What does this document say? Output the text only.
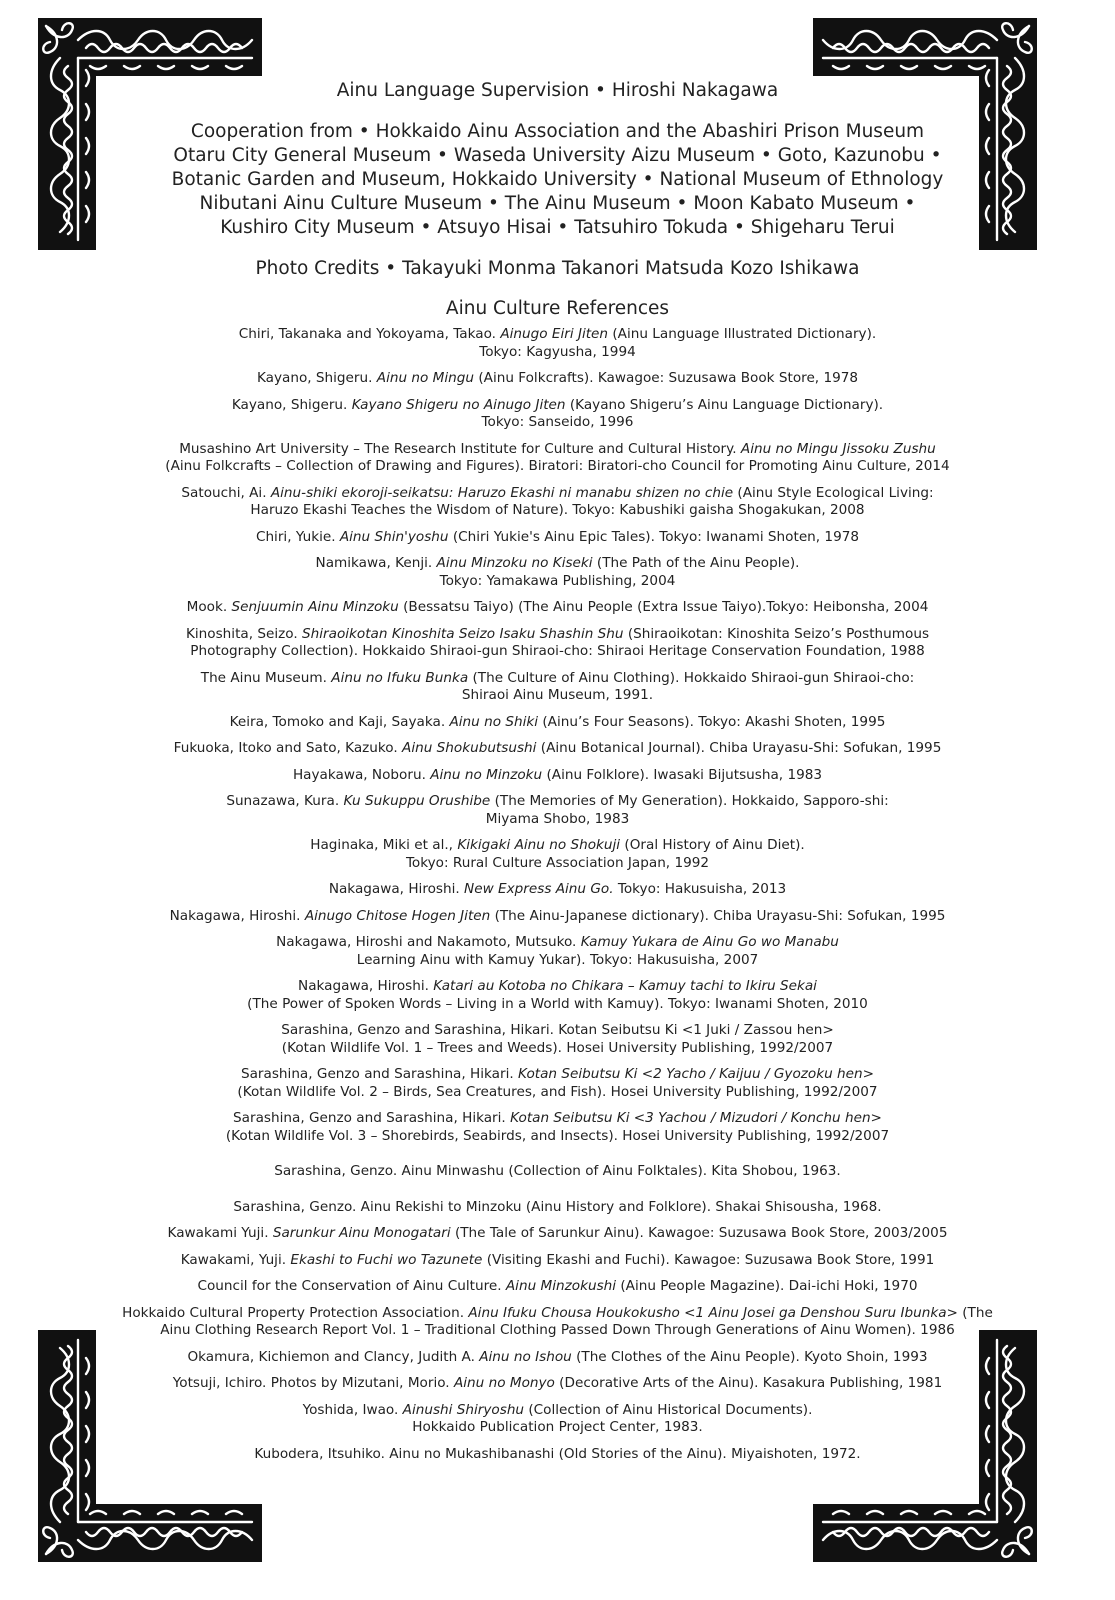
Ainu Language Supervision • Hiroshi Nakagawa
Cooperation from • Hokkaido Ainu Association and the Abashiri Prison Museum
Otaru City General Museum • Waseda University Aizu Museum • Goto, Kazunobu •
Botanic Garden and Museum, Hokkaido University • National Museum of Ethnology
Nibutani Ainu Culture Museum • The Ainu Museum • Moon Kabato Museum •
Kushiro City Museum • Atsuyo Hisai • Tatsuhiro Tokuda • Shigeharu Terui
Photo Credits • Takayuki Monma Takanori Matsuda Kozo Ishikawa
Ainu Culture References
Chiri, Takanaka and Yokoyama, Takao. Ainugo Eiri Jiten (Ainu Language Illustrated Dictionary).
Tokyo: Kagyusha, 1994
Kayano, Shigeru. Ainu no Mingu (Ainu Folkcrafts). Kawagoe: Suzusawa Book Store, 1978
Kayano, Shigeru. Kayano Shigeru no Ainugo Jiten (Kayano Shigeru’s Ainu Language Dictionary).
Tokyo: Sanseido, 1996
Musashino Art University – The Research Institute for Culture and Cultural History. Ainu no Mingu Jissoku Zushu
(Ainu Folkcrafts – Collection of Drawing and Figures). Biratori: Biratori-cho Council for Promoting Ainu Culture, 2014
Satouchi, Ai. Ainu-shiki ekoroji-seikatsu: Haruzo Ekashi ni manabu shizen no chie (Ainu Style Ecological Living:
Haruzo Ekashi Teaches the Wisdom of Nature). Tokyo: Kabushiki gaisha Shogakukan, 2008
Chiri, Yukie. Ainu Shin'yoshu (Chiri Yukie's Ainu Epic Tales). Tokyo: Iwanami Shoten, 1978
Namikawa, Kenji. Ainu Minzoku no Kiseki (The Path of the Ainu People).
Tokyo: Yamakawa Publishing, 2004
Mook. Senjuumin Ainu Minzoku (Bessatsu Taiyo) (The Ainu People (Extra Issue Taiyo).Tokyo: Heibonsha, 2004
Kinoshita, Seizo. Shiraoikotan Kinoshita Seizo Isaku Shashin Shu (Shiraoikotan: Kinoshita Seizo’s Posthumous
Photography Collection). Hokkaido Shiraoi-gun Shiraoi-cho: Shiraoi Heritage Conservation Foundation, 1988
The Ainu Museum. Ainu no Ifuku Bunka (The Culture of Ainu Clothing). Hokkaido Shiraoi-gun Shiraoi-cho:
Shiraoi Ainu Museum, 1991.
Keira, Tomoko and Kaji, Sayaka. Ainu no Shiki (Ainu’s Four Seasons). Tokyo: Akashi Shoten, 1995
Fukuoka, Itoko and Sato, Kazuko. Ainu Shokubutsushi (Ainu Botanical Journal). Chiba Urayasu-Shi: Sofukan, 1995
Hayakawa, Noboru. Ainu no Minzoku (Ainu Folklore). Iwasaki Bijutsusha, 1983
Sunazawa, Kura. Ku Sukuppu Orushibe (The Memories of My Generation). Hokkaido, Sapporo-shi:
Miyama Shobo, 1983
Haginaka, Miki et al., Kikigaki Ainu no Shokuji (Oral History of Ainu Diet).
Tokyo: Rural Culture Association Japan, 1992
Nakagawa, Hiroshi. New Express Ainu Go. Tokyo: Hakusuisha, 2013
Nakagawa, Hiroshi. Ainugo Chitose Hogen Jiten (The Ainu-Japanese dictionary). Chiba Urayasu-Shi: Sofukan, 1995
Nakagawa, Hiroshi and Nakamoto, Mutsuko. Kamuy Yukara de Ainu Go wo Manabu
Learning Ainu with Kamuy Yukar). Tokyo: Hakusuisha, 2007
Nakagawa, Hiroshi. Katari au Kotoba no Chikara – Kamuy tachi to Ikiru Sekai
(The Power of Spoken Words – Living in a World with Kamuy). Tokyo: Iwanami Shoten, 2010
Sarashina, Genzo and Sarashina, Hikari. Kotan Seibutsu Ki <1 Juki / Zassou hen>
(Kotan Wildlife Vol. 1 – Trees and Weeds). Hosei University Publishing, 1992/2007
Sarashina, Genzo and Sarashina, Hikari. Kotan Seibutsu Ki <2 Yacho / Kaijuu / Gyozoku hen>
(Kotan Wildlife Vol. 2 – Birds, Sea Creatures, and Fish). Hosei University Publishing, 1992/2007
Sarashina, Genzo and Sarashina, Hikari. Kotan Seibutsu Ki <3 Yachou / Mizudori / Konchu hen>
(Kotan Wildlife Vol. 3 – Shorebirds, Seabirds, and Insects). Hosei University Publishing, 1992/2007
Sarashina, Genzo. Ainu Minwashu (Collection of Ainu Folktales). Kita Shobou, 1963.
Sarashina, Genzo. Ainu Rekishi to Minzoku (Ainu History and Folklore). Shakai Shisousha, 1968.
Kawakami Yuji. Sarunkur Ainu Monogatari (The Tale of Sarunkur Ainu). Kawagoe: Suzusawa Book Store, 2003/2005
Kawakami, Yuji. Ekashi to Fuchi wo Tazunete (Visiting Ekashi and Fuchi). Kawagoe: Suzusawa Book Store, 1991
Council for the Conservation of Ainu Culture. Ainu Minzokushi (Ainu People Magazine). Dai-ichi Hoki, 1970
Hokkaido Cultural Property Protection Association. Ainu Ifuku Chousa Houkokusho <1 Ainu Josei ga Denshou Suru Ibunka> (The Ainu Clothing Research Report Vol. 1 – Traditional Clothing Passed Down Through Generations of Ainu Women). 1986
Okamura, Kichiemon and Clancy, Judith A. Ainu no Ishou (The Clothes of the Ainu People). Kyoto Shoin, 1993
Yotsuji, Ichiro. Photos by Mizutani, Morio. Ainu no Monyo (Decorative Arts of the Ainu). Kasakura Publishing, 1981
Yoshida, Iwao. Ainushi Shiryoshu (Collection of Ainu Historical Documents).
Hokkaido Publication Project Center, 1983.
Kubodera, Itsuhiko. Ainu no Mukashibanashi (Old Stories of the Ainu). Miyaishoten, 1972.
